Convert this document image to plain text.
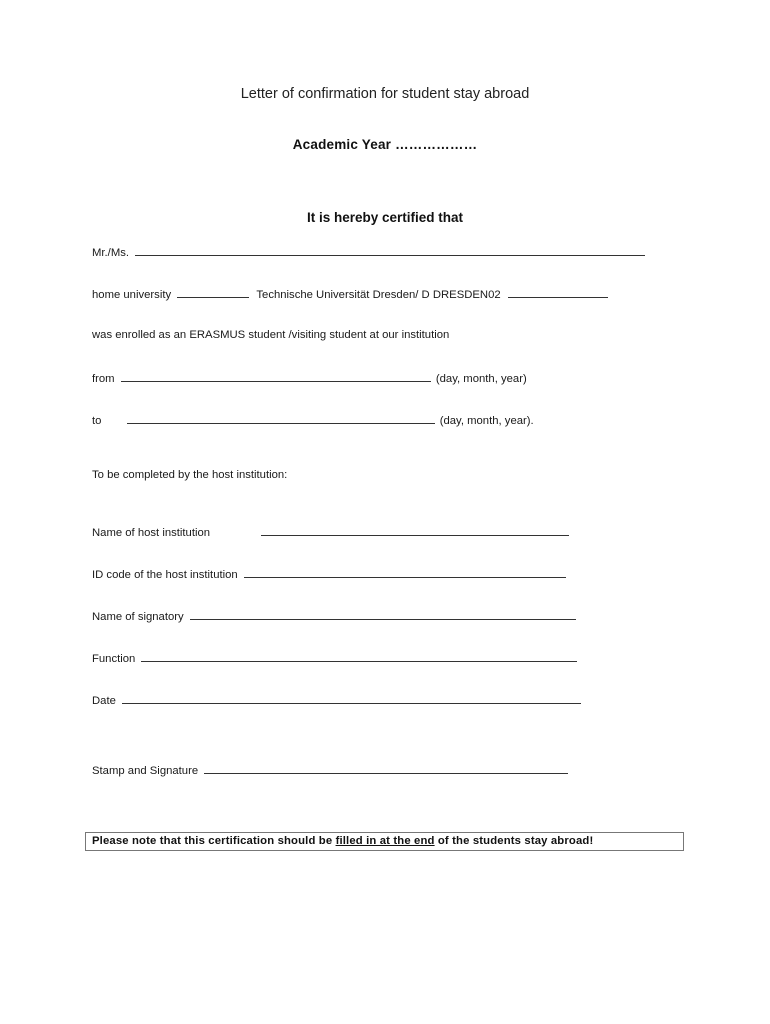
Letter of confirmation for student stay abroad
Academic Year ………………
It is hereby certified that
Mr./Ms.
home university	Technische Universität Dresden/ D DRESDEN02
was enrolled as an ERASMUS student /visiting student at our institution
from	(day, month, year)
to	(day, month, year).
To be completed by the host institution:
Name of host institution
ID code of the host institution
Name of signatory
Function
Date
Stamp and Signature
Please note that this certification should be filled in at the end of the students stay abroad!
